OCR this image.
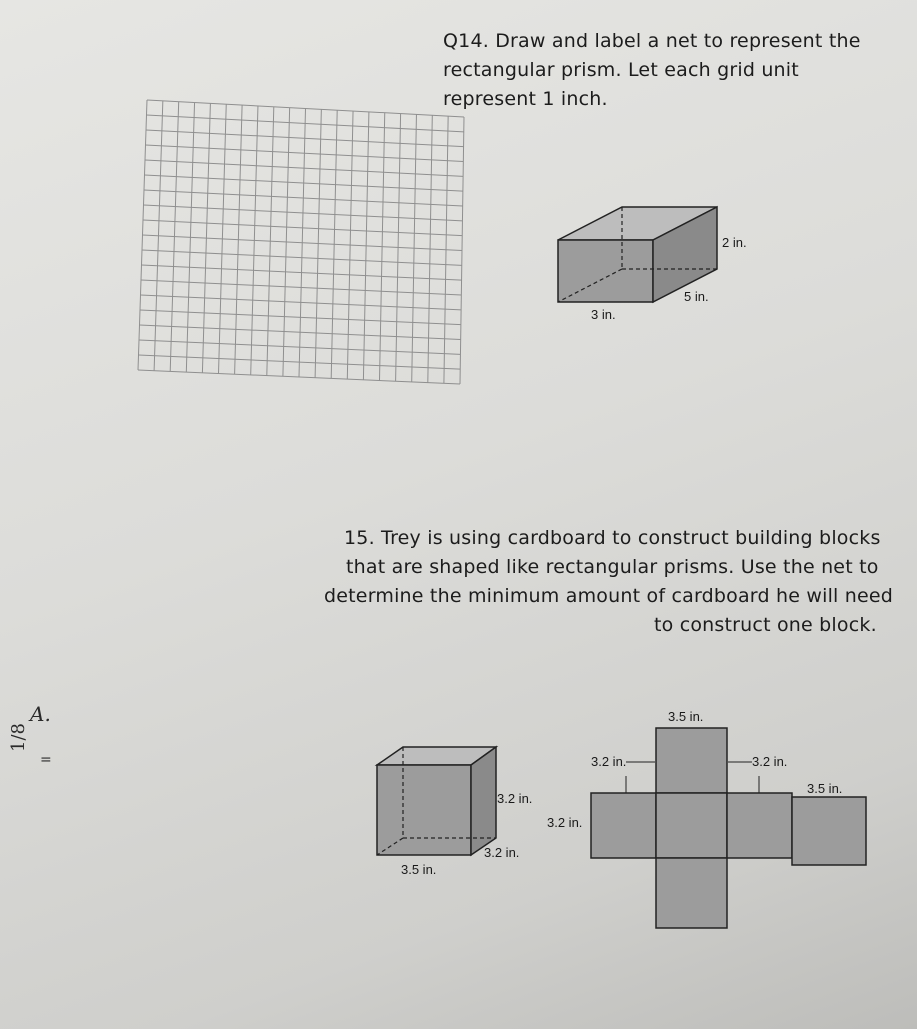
Q14. Draw and label a net to represent the
rectangular prism. Let each grid unit
represent 1 inch.
2 in.
5 in.
3 in.
15. Trey is using cardboard to construct building blocks
that are shaped like rectangular prisms. Use the net to
determine the minimum amount of cardboard he will need
to construct one block.
3.2 in.
3.2 in.
3.5 in.
3.5 in.
3.2 in.	3.2 in.
3.5 in.
3.2 in.
A.
1/8
=
